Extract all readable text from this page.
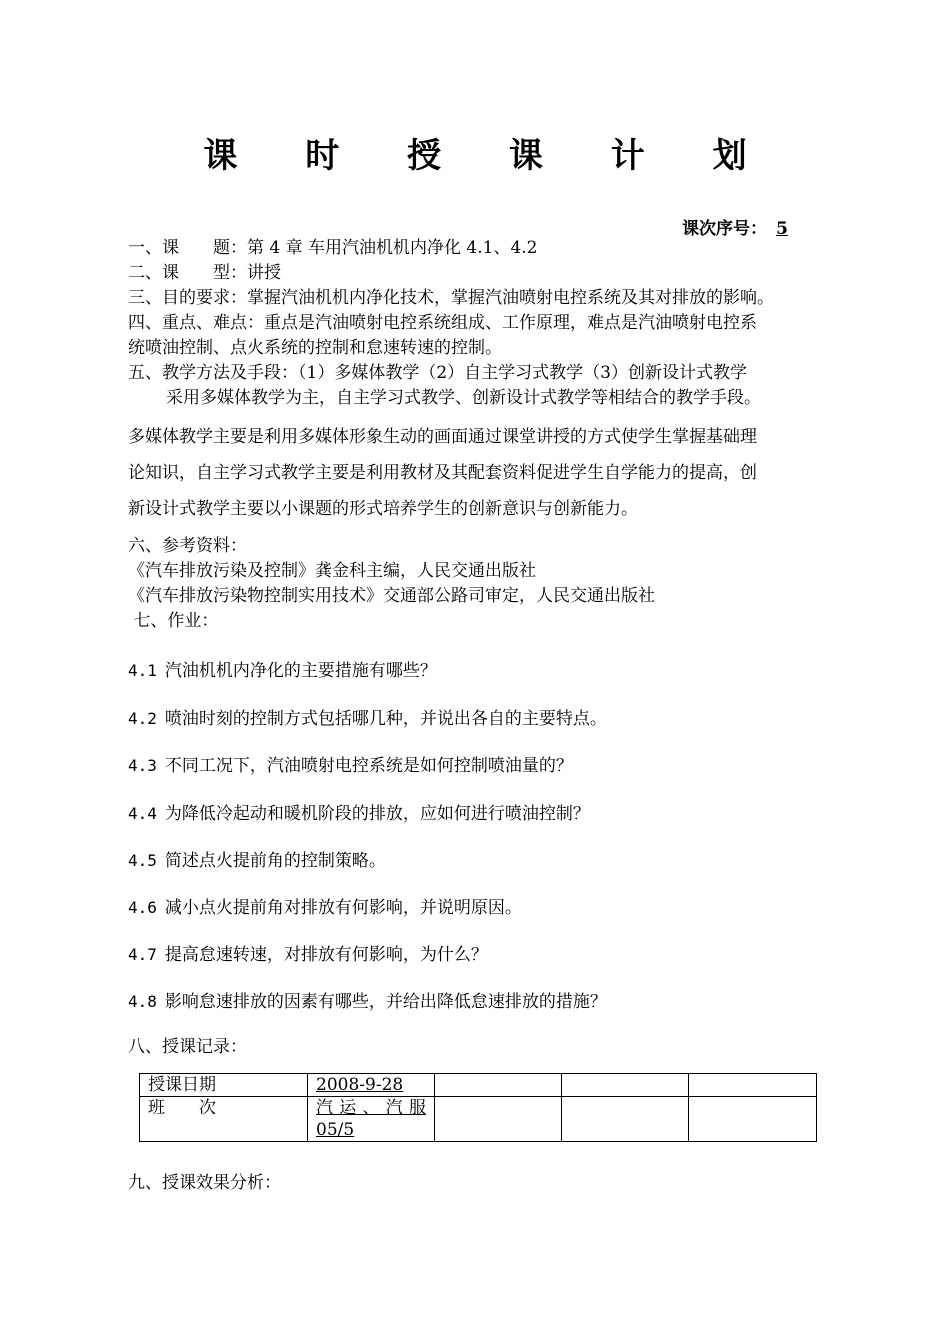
课 时 授 课 计 划
课次序号： 5
一、课　　题：第 4 章 车用汽油机机内净化 4.1、4.2
二、课　　型：讲授
三、目的要求：掌握汽油机机内净化技术，掌握汽油喷射电控系统及其对排放的影响。
四、重点、难点：重点是汽油喷射电控系统组成、工作原理，难点是汽油喷射电控系
统喷油控制、点火系统的控制和怠速转速的控制。
五、教学方法及手段：（1）多媒体教学（2）自主学习式教学（3）创新设计式教学
采用多媒体教学为主，自主学习式教学、创新设计式教学等相结合的教学手段。
多媒体教学主要是利用多媒体形象生动的画面通过课堂讲授的方式使学生掌握基础理
论知识，自主学习式教学主要是利用教材及其配套资料促进学生自学能力的提高，创
新设计式教学主要以小课题的形式培养学生的创新意识与创新能力。
六、参考资料：
《汽车排放污染及控制》龚金科主编，人民交通出版社
《汽车排放污染物控制实用技术》交通部公路司审定，人民交通出版社
七、作业：
4.1 汽油机机内净化的主要措施有哪些？
4.2 喷油时刻的控制方式包括哪几种，并说出各自的主要特点。
4.3 不同工况下，汽油喷射电控系统是如何控制喷油量的？
4.4 为降低冷起动和暖机阶段的排放，应如何进行喷油控制？
4.5 简述点火提前角的控制策略。
4.6 减小点火提前角对排放有何影响，并说明原因。
4.7 提高怠速转速，对排放有何影响，为什么？
4.8 影响怠速排放的因素有哪些，并给出降低怠速排放的措施？
八、授课记录：
授课日期	2008-9-28			
班　　次	汽运、汽服
05/5			

九、授课效果分析：
